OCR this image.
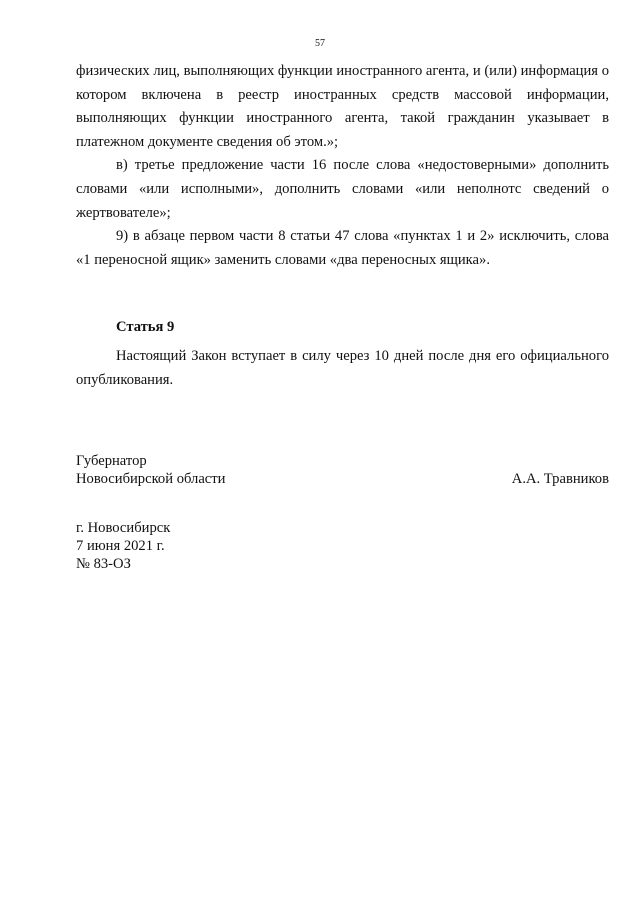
57

физических лиц, выполняющих функции иностранного агента, и (или) информация о котором включена в реестр иностранных средств массовой информации, выполняющих функции иностранного агента, такой гражданин указывает в платежном документе сведения об этом.»;

в) третье предложение части 16 после слова «недостоверными» дополнить словами «или исполными», дополнить словами «или неполнотс сведений о жертвователе»;

9) в абзаце первом части 8 статьи 47 слова «пунктах 1 и 2» исключить, слова «1 переносной ящик» заменить словами «два переносных ящика».

Статья 9

Настоящий Закон вступает в силу через 10 дней после дня его официального опубликования.

Губернатор
Новосибирской области	А.А. Травников
г. Новосибирск
7 июня 2021 г.
№ 83-ОЗ
